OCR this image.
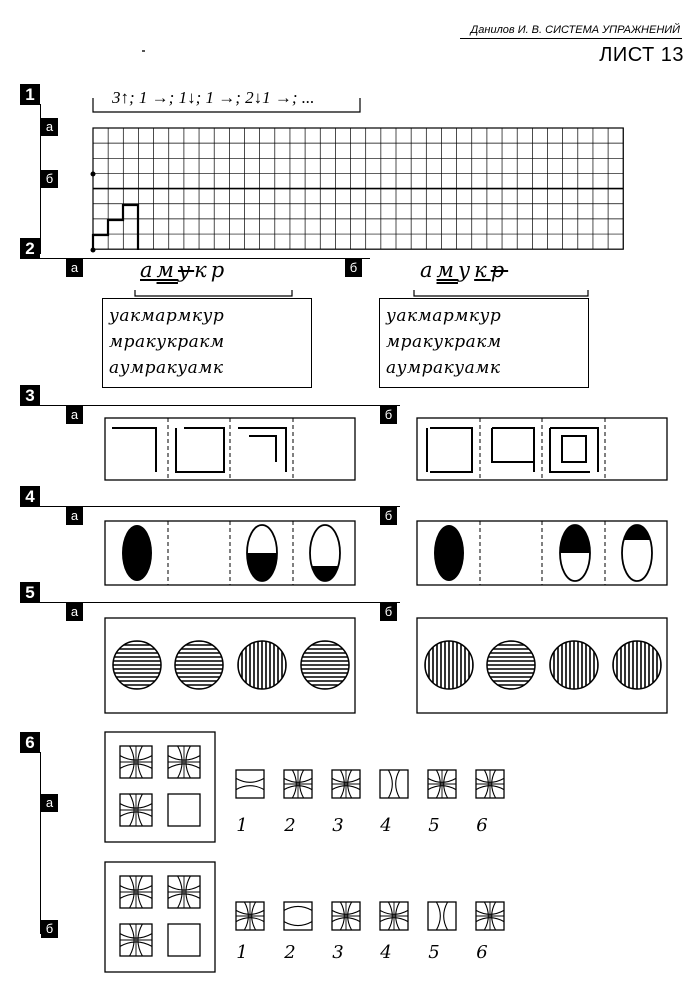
Данилов И. В. СИСТЕМА УПРАЖНЕНИЙ
ЛИСТ 13
1
а
б
3↑; 1 →; 1↓; 1 →; 2↓1 →; ...
2
а	б
амукр	амукр
уакмармкур
мракукракм
аумракуамк
уакмармкур
мракукракм
аумракуамк
3
а	б
4
а	б
5
а	б
6
а
б
1 2 3 4 5 6
1 2 3 4 5 6
